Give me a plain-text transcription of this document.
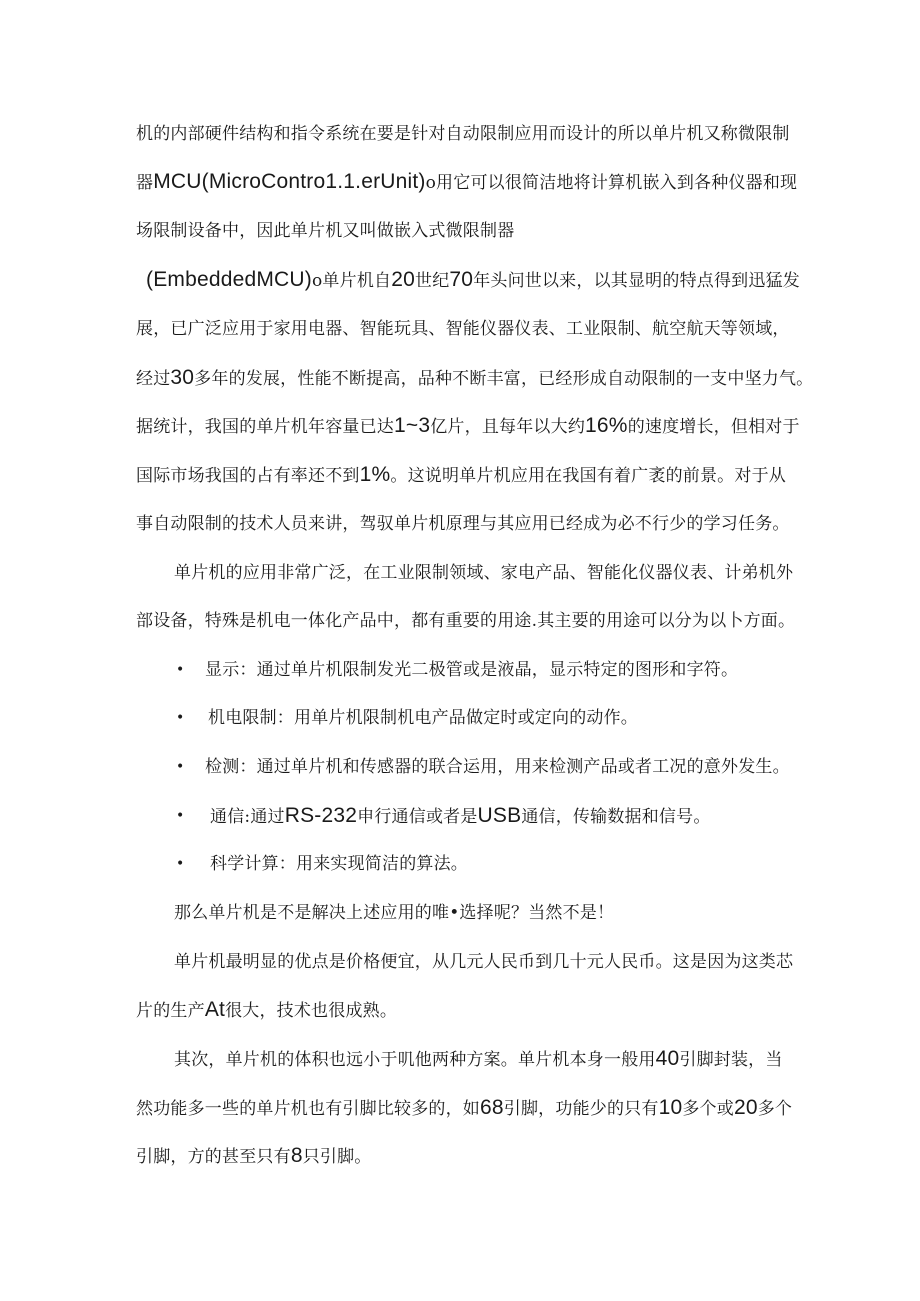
机的内部硬件结构和指令系统在要是针对自动限制应用而设计的所以单片机又称微限制
器MCU(MicroContro1.1.erUnit)o用它可以很简洁地将计算机嵌入到各种仪器和现
场限制设备中，因此单片机又叫做嵌入式微限制器
(EmbeddedMCU)o单片机自20世纪70年头问世以来，以其显明的特点得到迅猛发
展，已广泛应用于家用电器、智能玩具、智能仪器仪表、工业限制、航空航天等领域，
经过30多年的发展，性能不断提高，品种不断丰富，已经形成自动限制的一支中坚力气。
据统计，我国的单片机年容量已达1~3亿片，且每年以大约16%的速度增长，但相对于
国际市场我国的占有率还不到1%。这说明单片机应用在我国有着广袤的前景。对于从
事自动限制的技术人员来讲，驾驭单片机原理与其应用已经成为必不行少的学习任务。
单片机的应用非常广泛，在工业限制领域、家电产品、智能化仪器仪表、计弟机外
部设备，特殊是机电一体化产品中，都有重要的用途.其主要的用途可以分为以卜方面。
• 显示：通过单片机限制发光二极管或是液晶，显示特定的图形和字符。
• 机电限制：用单片机限制机电产品做定时或定向的动作。
• 检测：通过单片机和传感器的联合运用，用来检测产品或者工况的意外发生。
• 通信:通过RS-232申行通信或者是USB通信，传输数据和信号。
• 科学计算：用来实现简洁的算法。
那么单片机是不是解决上述应用的唯•选择呢？当然不是！
单片机最明显的优点是价格便宜，从几元人民币到几十元人民币。这是因为这类芯
片的生产At很大，技术也很成熟。
其次，单片机的体积也远小于叽他两种方案。单片机本身一般用40引脚封装，当
然功能多一些的单片机也有引脚比较多的，如68引脚，功能少的只有10多个或20多个
引脚，方的甚至只有8只引脚。
